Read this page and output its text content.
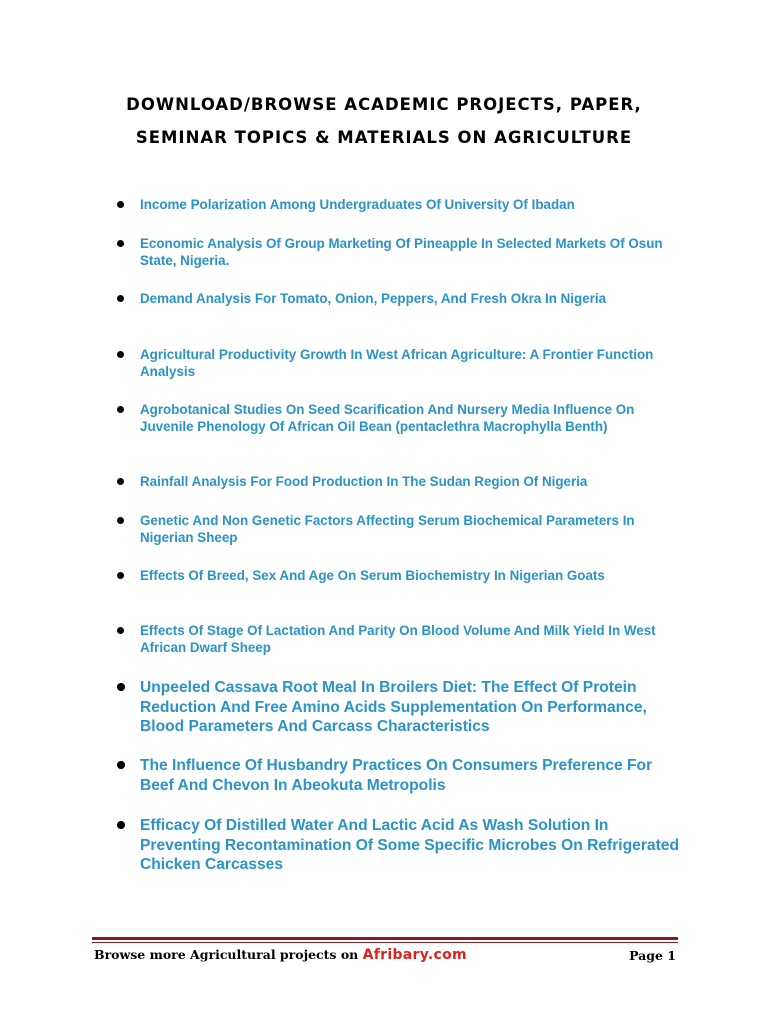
DOWNLOAD/BROWSE ACADEMIC PROJECTS, PAPER,
SEMINAR TOPICS & MATERIALS ON AGRICULTURE
Income Polarization Among Undergraduates Of University Of Ibadan
Economic Analysis Of Group Marketing Of Pineapple In Selected Markets Of Osun State, Nigeria.
Demand Analysis For Tomato, Onion, Peppers, And Fresh Okra In Nigeria
Agricultural Productivity Growth In West African Agriculture: A Frontier Function Analysis
Agrobotanical Studies On Seed Scarification And Nursery Media Influence On Juvenile Phenology Of African Oil Bean (pentaclethra Macrophylla Benth)
Rainfall Analysis For Food Production In The Sudan Region Of Nigeria
Genetic And Non Genetic Factors Affecting Serum Biochemical Parameters In Nigerian Sheep
Effects Of Breed, Sex And Age On Serum Biochemistry In Nigerian Goats
Effects Of Stage Of Lactation And Parity On Blood Volume And Milk Yield In West African Dwarf Sheep
Unpeeled Cassava Root Meal In Broilers Diet: The Effect Of Protein Reduction And Free Amino Acids Supplementation On Performance, Blood Parameters And Carcass Characteristics
The Influence Of Husbandry Practices On Consumers Preference For Beef And Chevon In Abeokuta Metropolis
Efficacy Of Distilled Water And Lactic Acid As Wash Solution In Preventing Recontamination Of Some Specific Microbes On Refrigerated Chicken Carcasses
Browse more Agricultural projects on Afribary.com	Page 1
